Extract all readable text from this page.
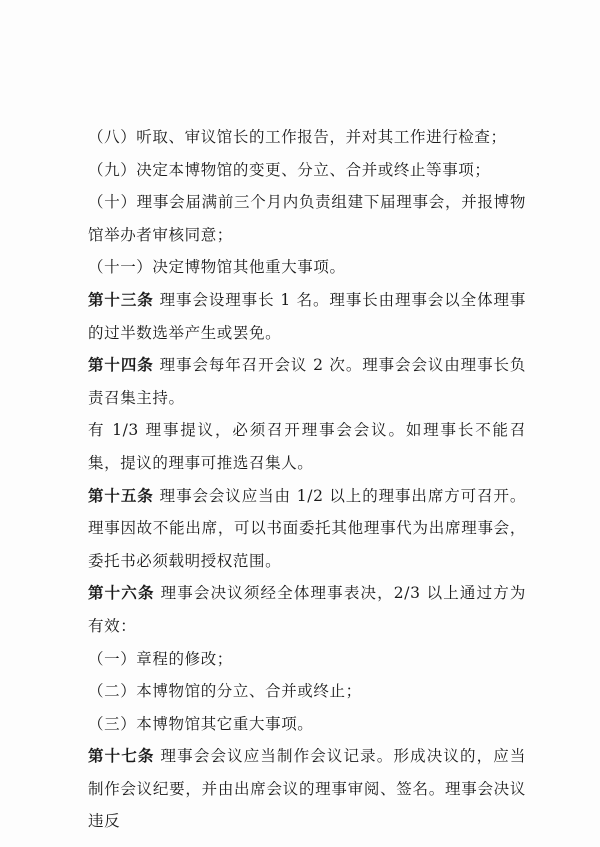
（八）听取、审议馆长的工作报告，并对其工作进行检查；

（九）决定本博物馆的变更、分立、合并或终止等事项；

（十）理事会届满前三个月内负责组建下届理事会，并报博物馆举办者审核同意；

（十一）决定博物馆其他重大事项。

第十三条 理事会设理事长 1 名。理事长由理事会以全体理事的过半数选举产生或罢免。

第十四条 理事会每年召开会议 2 次。理事会会议由理事长负责召集主持。

有 1/3 理事提议，必须召开理事会会议。如理事长不能召集，提议的理事可推选召集人。

第十五条 理事会会议应当由 1/2 以上的理事出席方可召开。理事因故不能出席，可以书面委托其他理事代为出席理事会，委托书必须载明授权范围。

第十六条 理事会决议须经全体理事表决，2/3 以上通过方为有效：

（一）章程的修改；

（二）本博物馆的分立、合并或终止；

（三）本博物馆其它重大事项。

第十七条 理事会会议应当制作会议记录。形成决议的，应当制作会议纪要，并由出席会议的理事审阅、签名。理事会决议违反
